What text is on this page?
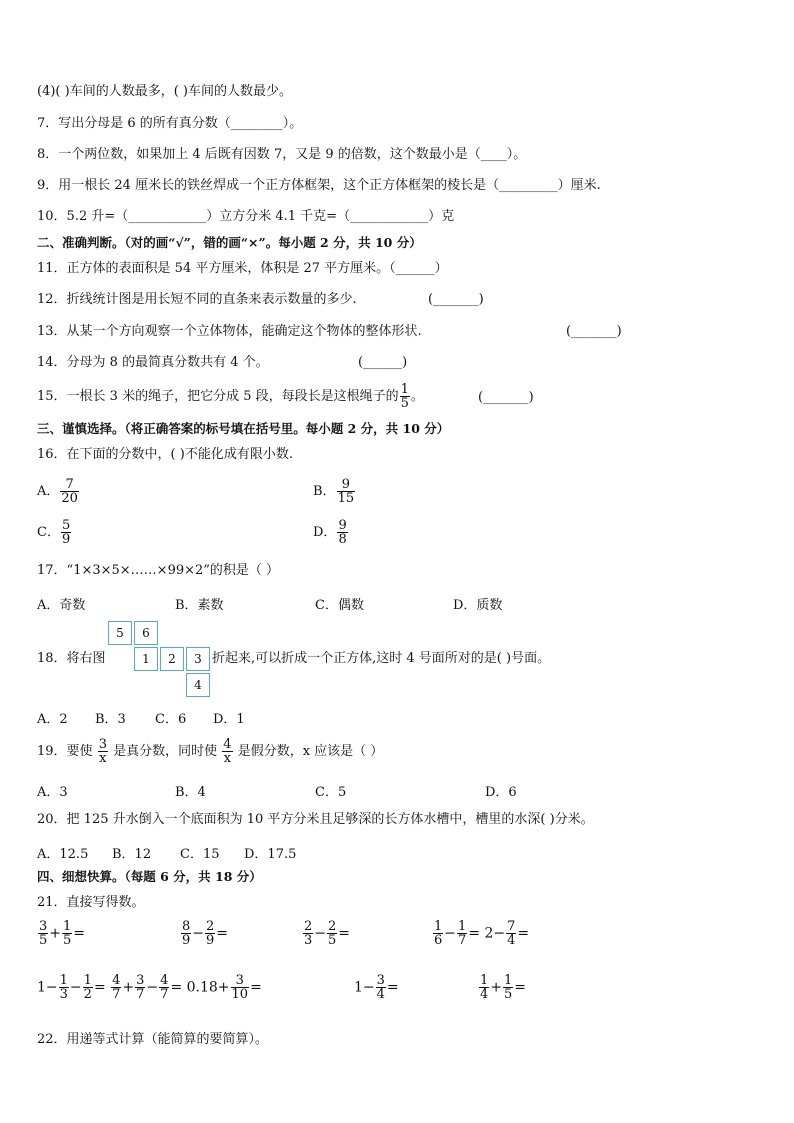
(4)( )车间的人数最多，( )车间的人数最少。
7．写出分母是 6 的所有真分数（________）。
8．一个两位数，如果加上 4 后既有因数 7，又是 9 的倍数，这个数最小是（____）。
9．用一根长 24 厘米长的铁丝焊成一个正方体框架，这个正方体框架的棱长是（_________）厘米.
10．5.2 升=（____________）立方分米 4.1 千克=（____________）克
二、准确判断。（对的画“√”，错的画“×”。每小题 2 分，共 10 分）
11．正方体的表面积是 54 平方厘米，体积是 27 平方厘米。（______）
12．折线统计图是用长短不同的直条来表示数量的多少.	(_______)
13．从某一个方向观察一个立体物体，能确定这个物体的整体形状.	(_______)
14．分母为 8 的最简真分数共有 4 个。	(______)
15．一根长 3 米的绳子，把它分成 5 段，每段长是这根绳子的 $\frac{1}{5}$ 。	(_______)
三、谨慎选择。（将正确答案的标号填在括号里。每小题 2 分，共 10 分）
16．在下面的分数中，( )不能化成有限小数.
A． $\frac{7}{20}$	B． $\frac{9}{15}$
C． $\frac{5}{9}$	D． $\frac{9}{8}$
17．“1×3×5×……×99×2”的积是（ ）
A．奇数	B．素数	C．偶数	D．质数
18．将右图
5	6
1	2	3
4
折起来,可以折成一个正方体,这时 4 号面所对的是( )号面。
A．2 B．3 C．6 D．1
19．要使 $\frac{3}{x}$ 是真分数，同时使 $\frac{4}{x}$ 是假分数，x 应该是（ ）
A．3	B．4	C．5	D．6
20．把 125 升水倒入一个底面积为 10 平方分米且足够深的长方体水槽中，槽里的水深( )分米。
A．12.5 B．12 C．15 D．17.5
四、细想快算。（每题 6 分，共 18 分）
21．直接写得数。
$\frac{3}{5} + \frac{1}{5}$ =	$\frac{8}{9} - \frac{2}{9}$ =	$\frac{2}{3} - \frac{2}{5}$ =	$\frac{1}{6} - \frac{1}{7} = 2- \frac{7}{4}$ =
$1- \frac{1}{3} - \frac{1}{2} = \frac{4}{7} + \frac{3}{7} - \frac{4}{7} = 0.18+ \frac{3}{10}$ =	$1- \frac{3}{4}$ =	$\frac{1}{4} + \frac{1}{5}$ =
22．用递等式计算（能简算的要简算）。
